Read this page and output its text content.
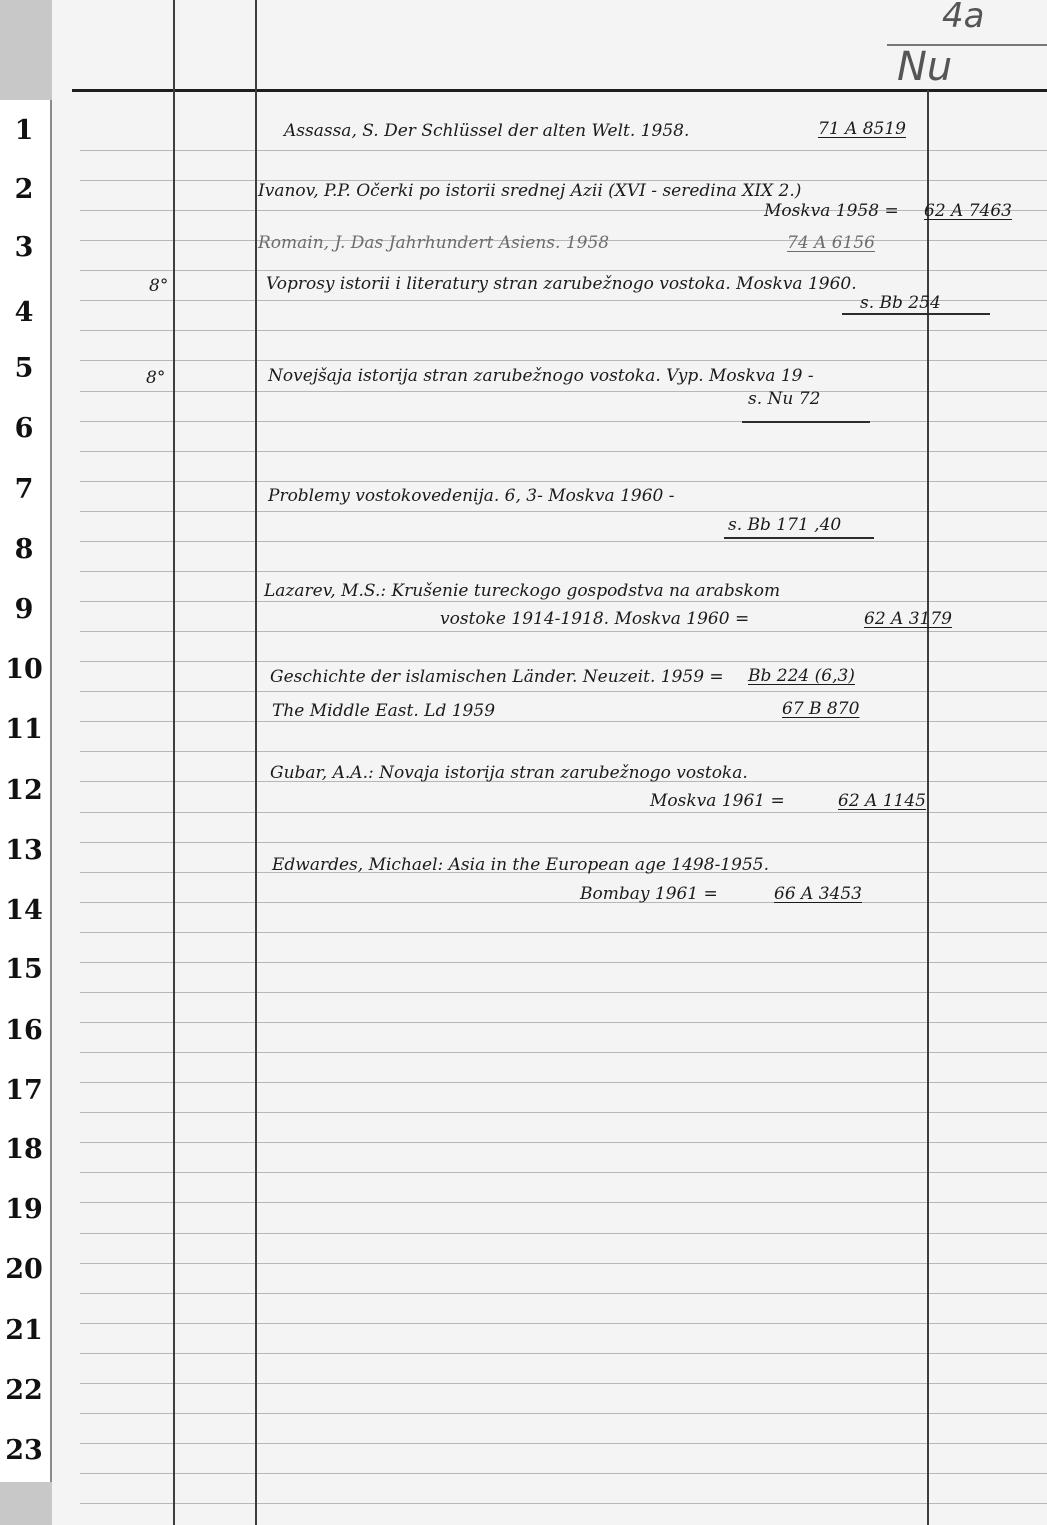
1
2
3
4
5
6
7
8
9
10
11
12
13
14
15
16
17
18
19
20
21
22
23
4a
Nu
Assassa, S. Der Schlüssel der alten Welt. 1958.	71 A 8519
Ivanov, P.P. Očerki po istorii srednej Azii (XVI - seredina XIX 2.)
Moskva 1958 = 62 A 7463
Romain, J. Das Jahrhundert Asiens. 1958	74 A 6156
8°	Voprosy istorii i literatury stran zarubežnogo vostoka. Moskva 1960.
s. Bb 254
8°	Novejšaja istorija stran zarubežnogo vostoka. Vyp. Moskva 19 -
s. Nu 72
Problemy vostokovedenija. 6, 3- Moskva 1960 -
s. Bb 171 ,40
Lazarev, M.S.: Krušenie tureckogo gospodstva na arabskom
vostoke 1914-1918. Moskva 1960 =	62 A 3179
Geschichte der islamischen Länder. Neuzeit. 1959 = Bb 224 (6,3)
The Middle East. Ld 1959	67 B 870
Gubar, A.A.: Novaja istorija stran zarubežnogo vostoka.
Moskva 1961 =	62 A 1145
Edwardes, Michael: Asia in the European age 1498-1955.
Bombay 1961 =	66 A 3453
